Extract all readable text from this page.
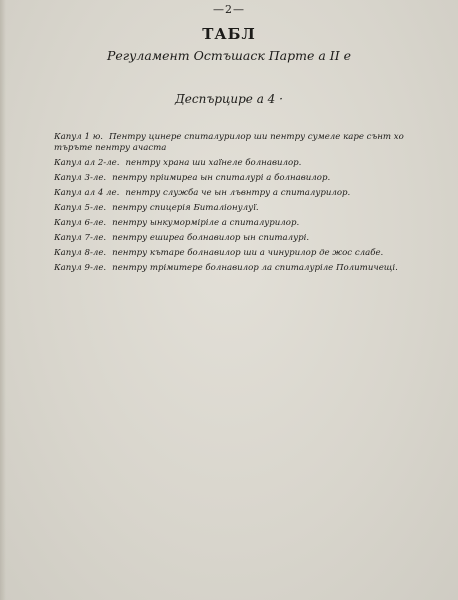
—2—
ТАБЛ
Регуламент Остъшаск Парте а II е
Деспърцире а 4 ·
Капул 1 ю. Пентру цинере спиталурилор ши пентру сумеле каре сънт хо търъте пентру ачаста
Капул ал 2-ле. пентру храна ши хаїнеле болнавилор.
Капул 3-ле. пентру пріимиреа ын спиталурі а болнавилор.
Капул ал 4 ле. пентру служба че ын лъвнтру а спиталурилор.
Капул 5-ле. пентру спицерія Биталіонулуї.
Капул 6-ле. пентру ынкуморміріле а спиталурилор.
Капул 7-ле. пентру еширеа болнавилор ын спиталурі.
Капул 8-ле. пентру кътаре болнавилор ши а чинурилор де жос слабе.
Капул 9-ле. пентру трімитере болнавилор ла спиталуріле Политичещі.
